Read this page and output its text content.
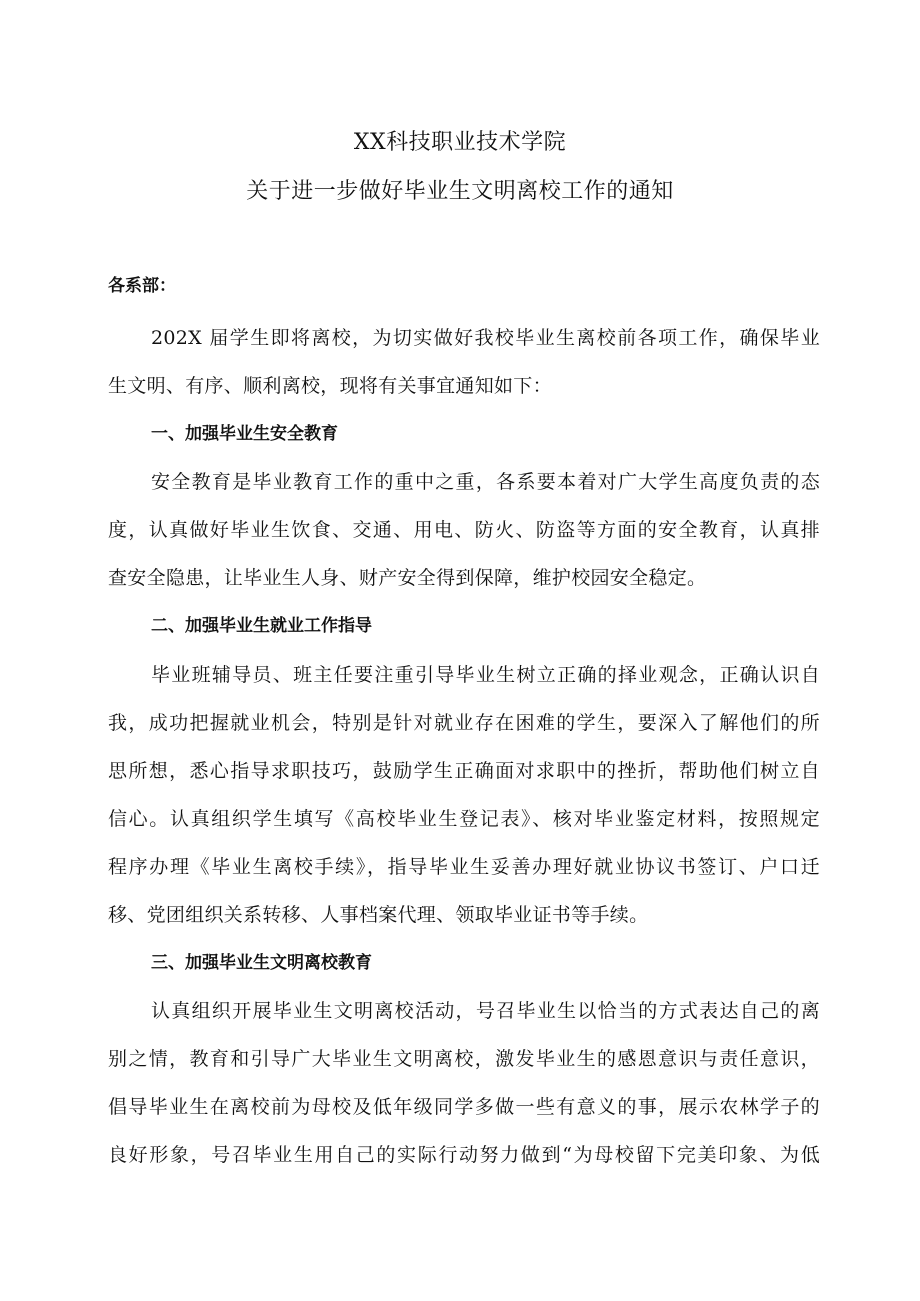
XX科技职业技术学院
关于进一步做好毕业生文明离校工作的通知
各系部：
202X 届学生即将离校，为切实做好我校毕业生离校前各项工作，确保毕业
生文明、有序、顺利离校，现将有关事宜通知如下：
一、加强毕业生安全教育
安全教育是毕业教育工作的重中之重，各系要本着对广大学生高度负责的态
度，认真做好毕业生饮食、交通、用电、防火、防盗等方面的安全教育，认真排
查安全隐患，让毕业生人身、财产安全得到保障，维护校园安全稳定。
二、加强毕业生就业工作指导
毕业班辅导员、班主任要注重引导毕业生树立正确的择业观念，正确认识自
我，成功把握就业机会，特别是针对就业存在困难的学生，要深入了解他们的所
思所想，悉心指导求职技巧，鼓励学生正确面对求职中的挫折，帮助他们树立自
信心。认真组织学生填写《高校毕业生登记表》、核对毕业鉴定材料，按照规定
程序办理《毕业生离校手续》，指导毕业生妥善办理好就业协议书签订、户口迁
移、党团组织关系转移、人事档案代理、领取毕业证书等手续。
三、加强毕业生文明离校教育
认真组织开展毕业生文明离校活动，号召毕业生以恰当的方式表达自己的离
别之情，教育和引导广大毕业生文明离校，激发毕业生的感恩意识与责任意识，
倡导毕业生在离校前为母校及低年级同学多做一些有意义的事，展示农林学子的
良好形象，号召毕业生用自己的实际行动努力做到“为母校留下完美印象、为低
